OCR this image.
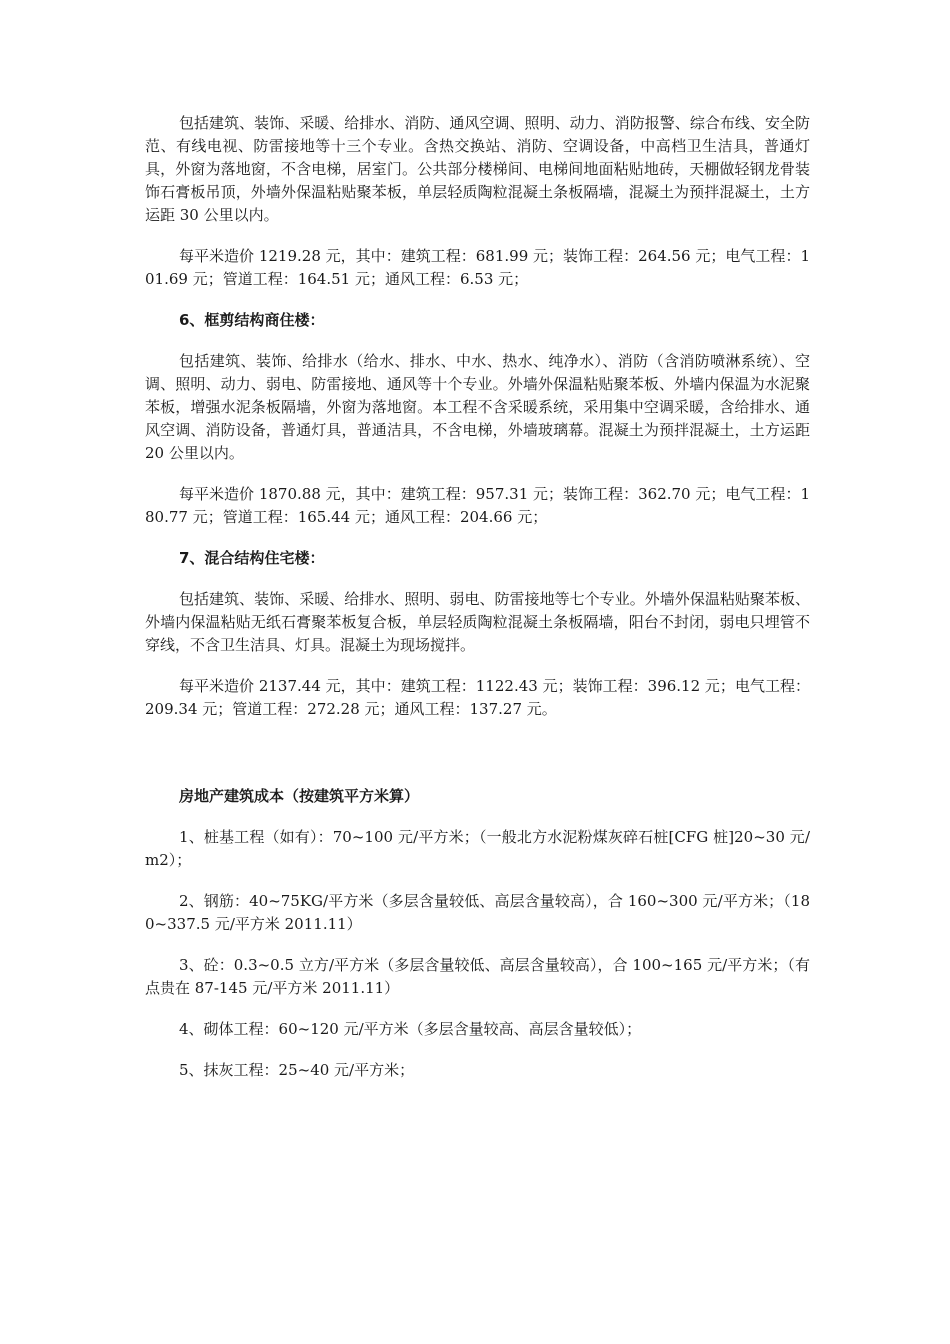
包括建筑、装饰、采暖、给排水、消防、通风空调、照明、动力、消防报警、综合布线、安全防范、有线电视、防雷接地等十三个专业。含热交换站、消防、空调设备，中高档卫生洁具，普通灯具，外窗为落地窗，不含电梯，居室门。公共部分楼梯间、电梯间地面粘贴地砖，天棚做轻钢龙骨装饰石膏板吊顶，外墙外保温粘贴聚苯板，单层轻质陶粒混凝土条板隔墙，混凝土为预拌混凝土，土方运距 30 公里以内。

每平米造价 1219.28 元，其中：建筑工程：681.99 元；装饰工程：264.56 元；电气工程：101.69 元；管道工程：164.51 元；通风工程：6.53 元；

6、框剪结构商住楼：

包括建筑、装饰、给排水（给水、排水、中水、热水、纯净水）、消防（含消防喷淋系统）、空调、照明、动力、弱电、防雷接地、通风等十个专业。外墙外保温粘贴聚苯板、外墙内保温为水泥聚苯板，增强水泥条板隔墙，外窗为落地窗。本工程不含采暖系统，采用集中空调采暖，含给排水、通风空调、消防设备，普通灯具，普通洁具，不含电梯，外墙玻璃幕。混凝土为预拌混凝土，土方运距 20 公里以内。

每平米造价 1870.88 元，其中：建筑工程：957.31 元；装饰工程：362.70 元；电气工程：180.77 元；管道工程：165.44 元；通风工程：204.66 元；

7、混合结构住宅楼：

包括建筑、装饰、采暖、给排水、照明、弱电、防雷接地等七个专业。外墙外保温粘贴聚苯板、外墙内保温粘贴无纸石膏聚苯板复合板，单层轻质陶粒混凝土条板隔墙，阳台不封闭，弱电只埋管不穿线，不含卫生洁具、灯具。混凝土为现场搅拌。

每平米造价 2137.44 元，其中：建筑工程：1122.43 元；装饰工程：396.12 元；电气工程：209.34 元；管道工程：272.28 元；通风工程：137.27 元。

房地产建筑成本（按建筑平方米算）

1、桩基工程（如有）：70~100 元/平方米；（一般北方水泥粉煤灰碎石桩[CFG 桩]20~30 元/m2）；

2、钢筋：40~75KG/平方米（多层含量较低、高层含量较高），合 160~300 元/平方米；（180~337.5 元/平方米 2011.11）

3、砼：0.3~0.5 立方/平方米（多层含量较低、高层含量较高），合 100~165 元/平方米；（有点贵在 87-145 元/平方米 2011.11）

4、砌体工程：60~120 元/平方米（多层含量较高、高层含量较低）；

5、抹灰工程：25~40 元/平方米；
